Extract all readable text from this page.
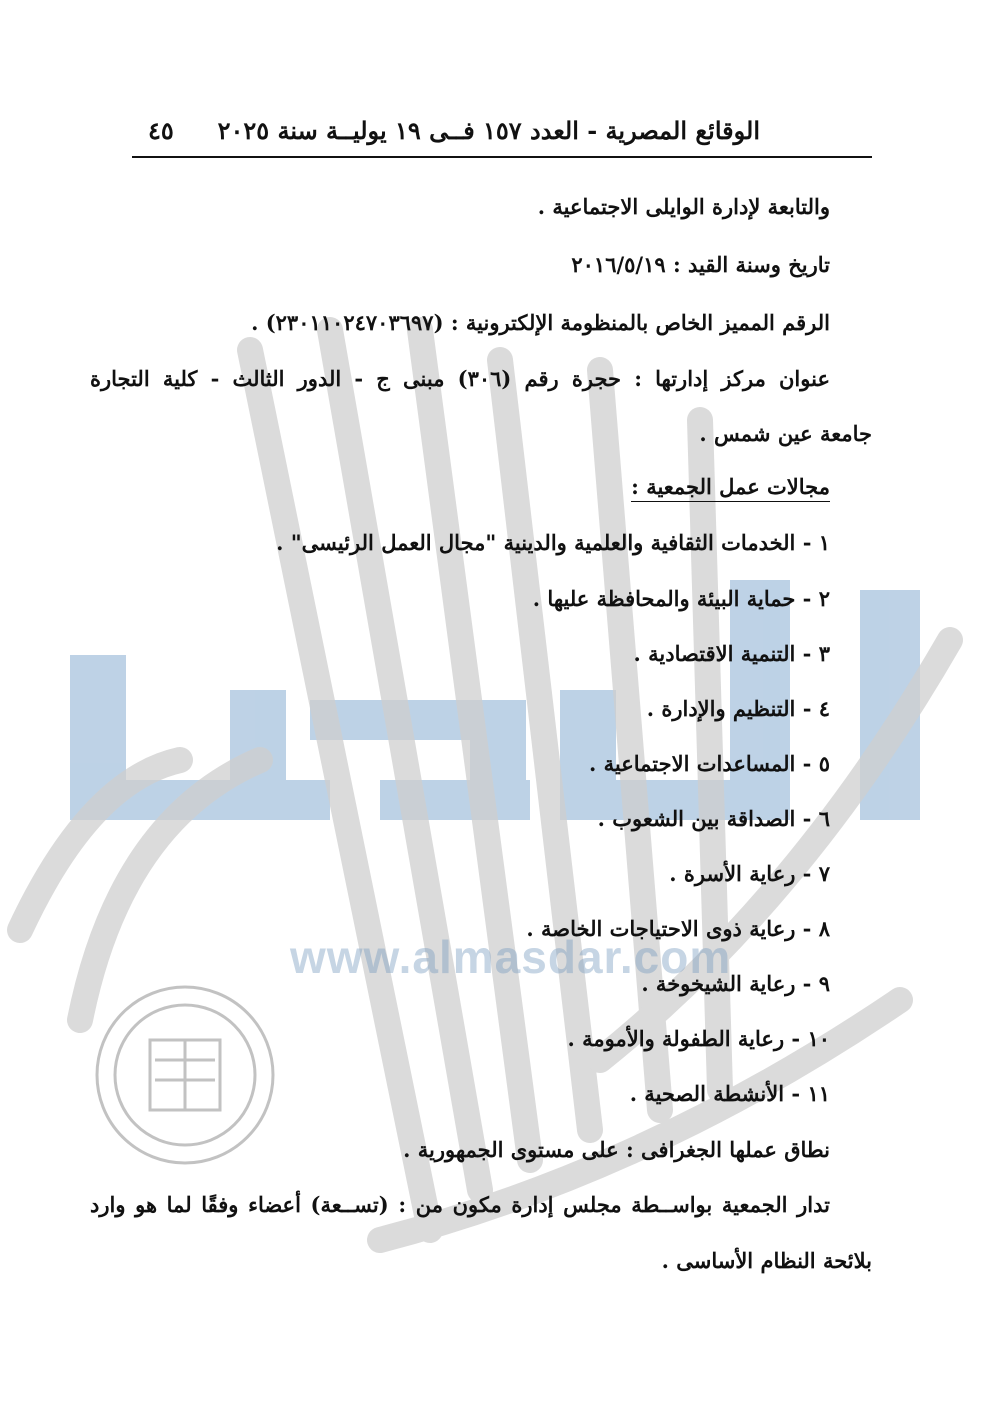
www.almasdar.com
الوقائع المصرية - العدد ١٥٧ فــى ١٩ يوليــة سنة ٢٠٢٥
٤٥
والتابعة لإدارة الوايلى الاجتماعية .
تاريخ وسنة القيد : ٢٠١٦/٥/١٩
الرقم المميز الخاص بالمنظومة الإلكترونية : (٢٣٠١١٠٢٤٧٠٣٦٩٧) .
عنوان مركز إدارتها : حجرة رقم (٣٠٦) مبنى ج - الدور الثالث - كلية التجارة
جامعة عين شمس .
مجالات عمل الجمعية :
١ - الخدمات الثقافية والعلمية والدينية "مجال العمل الرئيسى" .
٢ - حماية البيئة والمحافظة عليها .
٣ - التنمية الاقتصادية .
٤ - التنظيم والإدارة .
٥ - المساعدات الاجتماعية .
٦ - الصداقة بين الشعوب .
٧ - رعاية الأسرة .
٨ - رعاية ذوى الاحتياجات الخاصة .
٩ - رعاية الشيخوخة .
١٠ - رعاية الطفولة والأمومة .
١١ - الأنشطة الصحية .
نطاق عملها الجغرافى : على مستوى الجمهورية .
تدار الجمعية بواســطة مجلس إدارة مكون من : (تســعة) أعضاء وفقًا لما هو وارد
بلائحة النظام الأساسى .
